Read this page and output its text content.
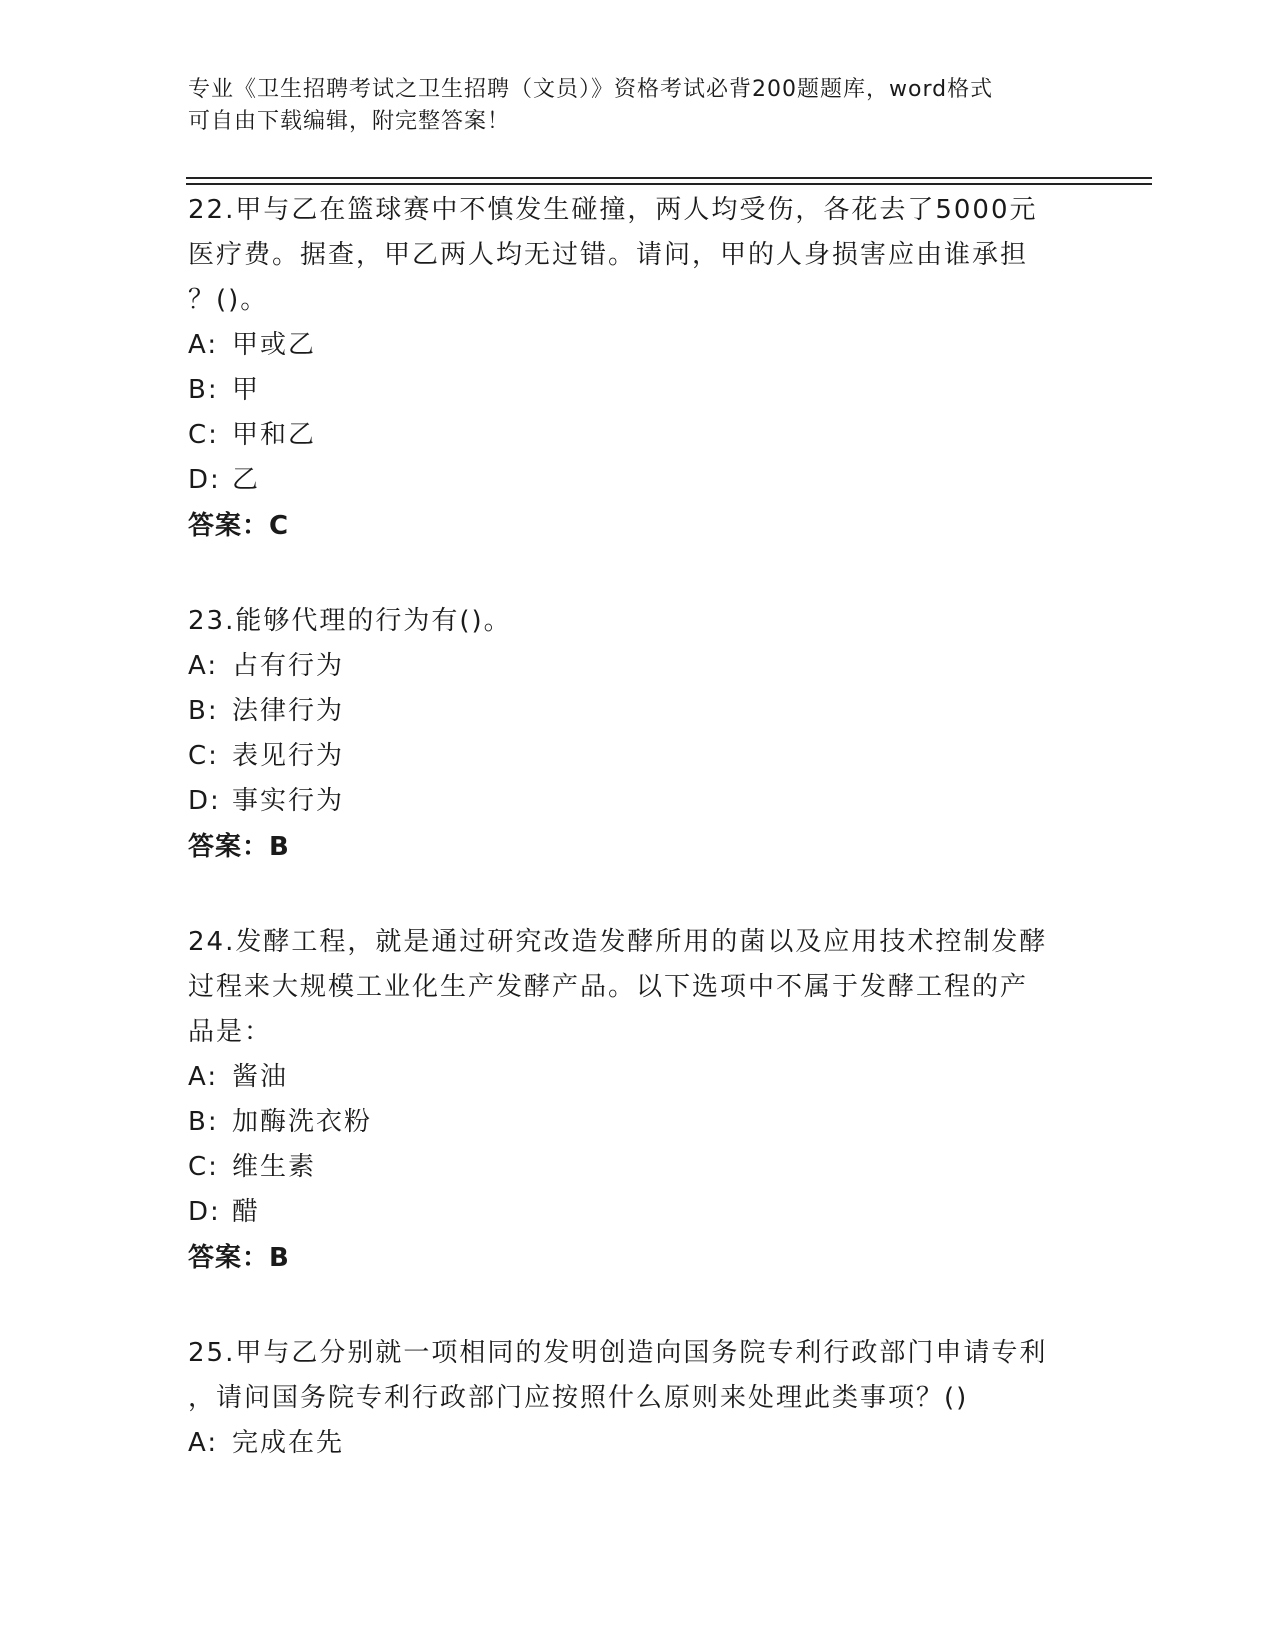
专业《卫生招聘考试之卫生招聘（文员）》资格考试必背200题题库，word格式
可自由下载编辑，附完整答案！
22.甲与乙在篮球赛中不慎发生碰撞，两人均受伤，各花去了5000元
医疗费。据查，甲乙两人均无过错。请问，甲的人身损害应由谁承担
？()。
A: 甲或乙
B: 甲
C: 甲和乙
D: 乙
答案：C
23.能够代理的行为有()。
A: 占有行为
B: 法律行为
C: 表见行为
D: 事实行为
答案：B
24.发酵工程，就是通过研究改造发酵所用的菌以及应用技术控制发酵
过程来大规模工业化生产发酵产品。以下选项中不属于发酵工程的产
品是：
A: 酱油
B: 加酶洗衣粉
C: 维生素
D: 醋
答案：B
25.甲与乙分别就一项相同的发明创造向国务院专利行政部门申请专利
，请问国务院专利行政部门应按照什么原则来处理此类事项？()
A: 完成在先
